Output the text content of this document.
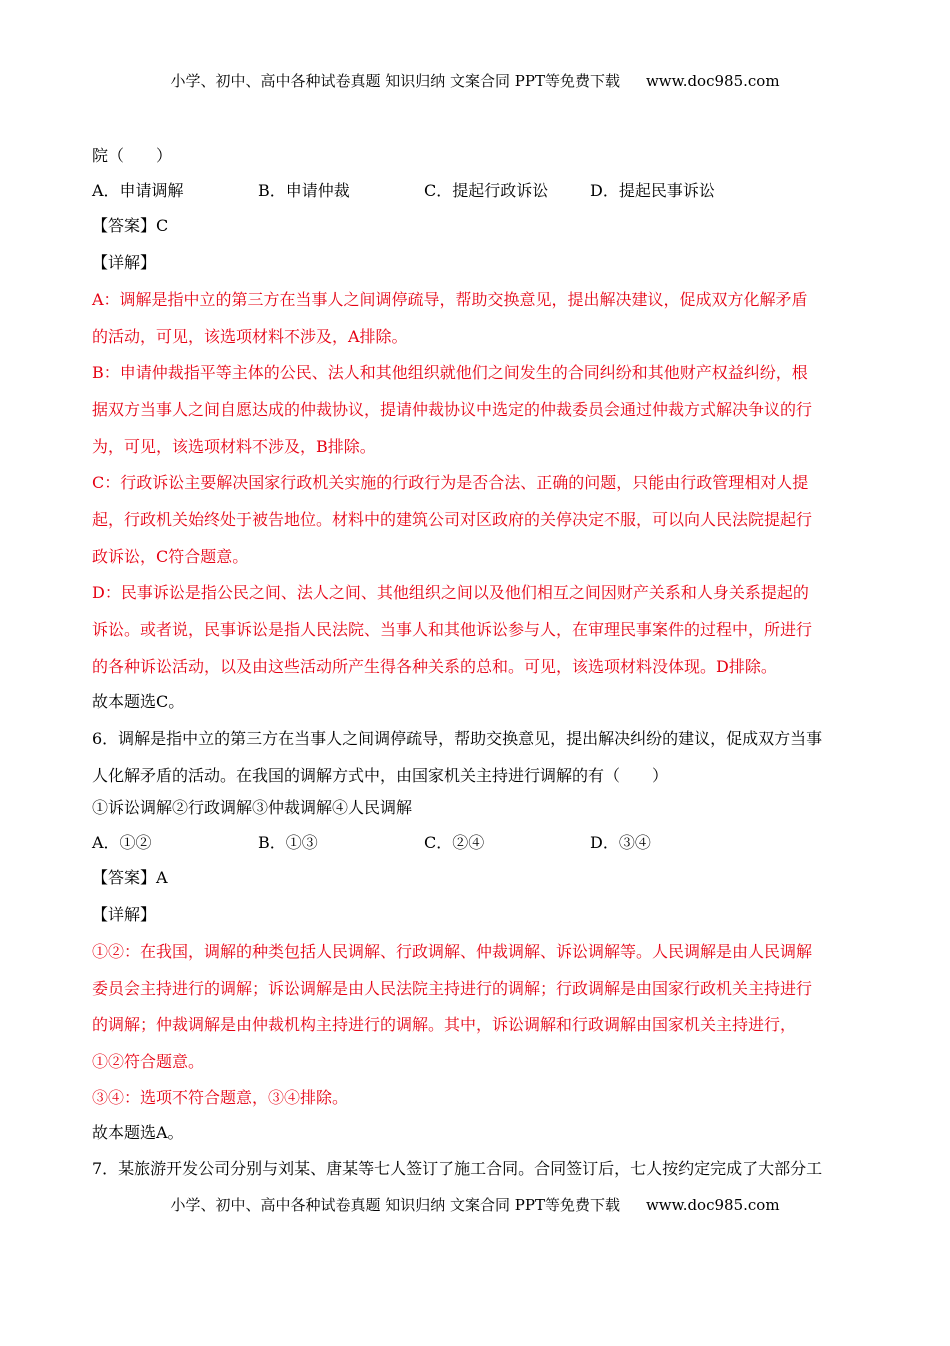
小学、初中、高中各种试卷真题 知识归纳 文案合同 PPT等免费下载 www.doc985.com
院（　　）
A．申请调解	B．申请仲裁	C．提起行政诉讼	D．提起民事诉讼
【答案】C
【详解】
A：调解是指中立的第三方在当事人之间调停疏导，帮助交换意见，提出解决建议，促成双方化解矛盾
的活动，可见，该选项材料不涉及，A排除。
B：申请仲裁指平等主体的公民、法人和其他组织就他们之间发生的合同纠纷和其他财产权益纠纷，根
据双方当事人之间自愿达成的仲裁协议，提请仲裁协议中选定的仲裁委员会通过仲裁方式解决争议的行
为，可见，该选项材料不涉及，B排除。
C：行政诉讼主要解决国家行政机关实施的行政行为是否合法、正确的问题，只能由行政管理相对人提
起，行政机关始终处于被告地位。材料中的建筑公司对区政府的关停决定不服，可以向人民法院提起行
政诉讼，C符合题意。
D：民事诉讼是指公民之间、法人之间、其他组织之间以及他们相互之间因财产关系和人身关系提起的
诉讼。或者说，民事诉讼是指人民法院、当事人和其他诉讼参与人，在审理民事案件的过程中，所进行
的各种诉讼活动，以及由这些活动所产生得各种关系的总和。可见，该选项材料没体现。D排除。
故本题选C。
6．调解是指中立的第三方在当事人之间调停疏导，帮助交换意见，提出解决纠纷的建议，促成双方当事
人化解矛盾的活动。在我国的调解方式中，由国家机关主持进行调解的有（　　）
①诉讼调解②行政调解③仲裁调解④人民调解
A．①②	B．①③	C．②④	D．③④
【答案】A
【详解】
①②：在我国，调解的种类包括人民调解、行政调解、仲裁调解、诉讼调解等。人民调解是由人民调解
委员会主持进行的调解；诉讼调解是由人民法院主持进行的调解；行政调解是由国家行政机关主持进行
的调解；仲裁调解是由仲裁机构主持进行的调解。其中，诉讼调解和行政调解由国家机关主持进行，
①②符合题意。
③④：选项不符合题意，③④排除。
故本题选A。
7．某旅游开发公司分别与刘某、唐某等七人签订了施工合同。合同签订后，七人按约定完成了大部分工
小学、初中、高中各种试卷真题 知识归纳 文案合同 PPT等免费下载 www.doc985.com
